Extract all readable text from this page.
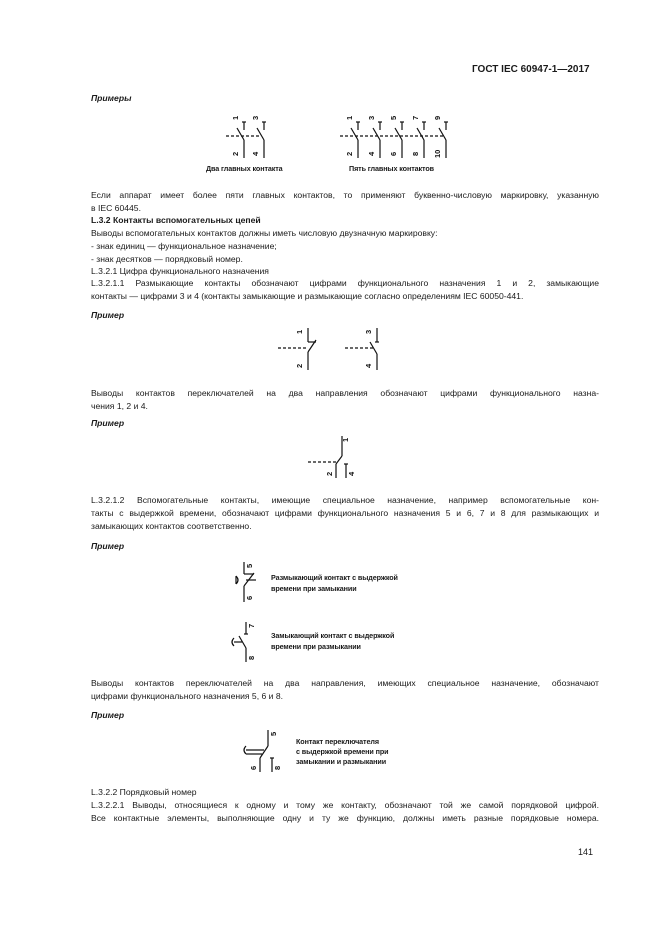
ГОСТ IEC 60947-1—2017
Примеры
1 3
2 4
Два главных контакта
1 3 5 7 9
2 4 6 8 10
Пять главных контактов
Если аппарат имеет более пяти главных контактов, то применяют буквенно-числовую маркировку, указанную
в IEC 60445.
L.3.2 Контакты вспомогательных цепей
Выводы вспомогательных контактов должны иметь числовую двузначную маркировку:
- знак единиц — функциональное назначение;
- знак десятков — порядковый номер.
L.3.2.1 Цифра функционального назначения
L.3.2.1.1 Размыкающие контакты обозначают цифрами функционального назначения 1 и 2, замыкающие
контакты — цифрами 3 и 4 (контакты замыкающие и размыкающие согласно определениям IEC 60050-441.
Пример
1
2
3
4
Выводы контактов переключателей на два направления обозначают цифрами функционального назна-
чения 1, 2 и 4.
Пример
1
2 4
L.3.2.1.2 Вспомогательные контакты, имеющие специальное назначение, например вспомогательные кон-
такты с выдержкой времени, обозначают цифрами функционального назначения 5 и 6, 7 и 8 для размыкающих и
замыкающих контактов соответственно.
Пример
5
6
Размыкающий контакт с выдержкой
времени при замыкании
7
8
Замыкающий контакт с выдержкой
времени при размыкании
Выводы контактов переключателей на два направления, имеющих специальное назначение, обозначают
цифрами функционального назначения 5, 6 и 8.
Пример
5
6 8
Контакт переключателя
с выдержкой времени при
замыкании и размыкании
L.3.2.2 Порядковый номер
L.3.2.2.1 Выводы, относящиеся к одному и тому же контакту, обозначают той же самой порядковой цифрой.
Все контактные элементы, выполняющие одну и ту же функцию, должны иметь разные порядковые номера.
141
